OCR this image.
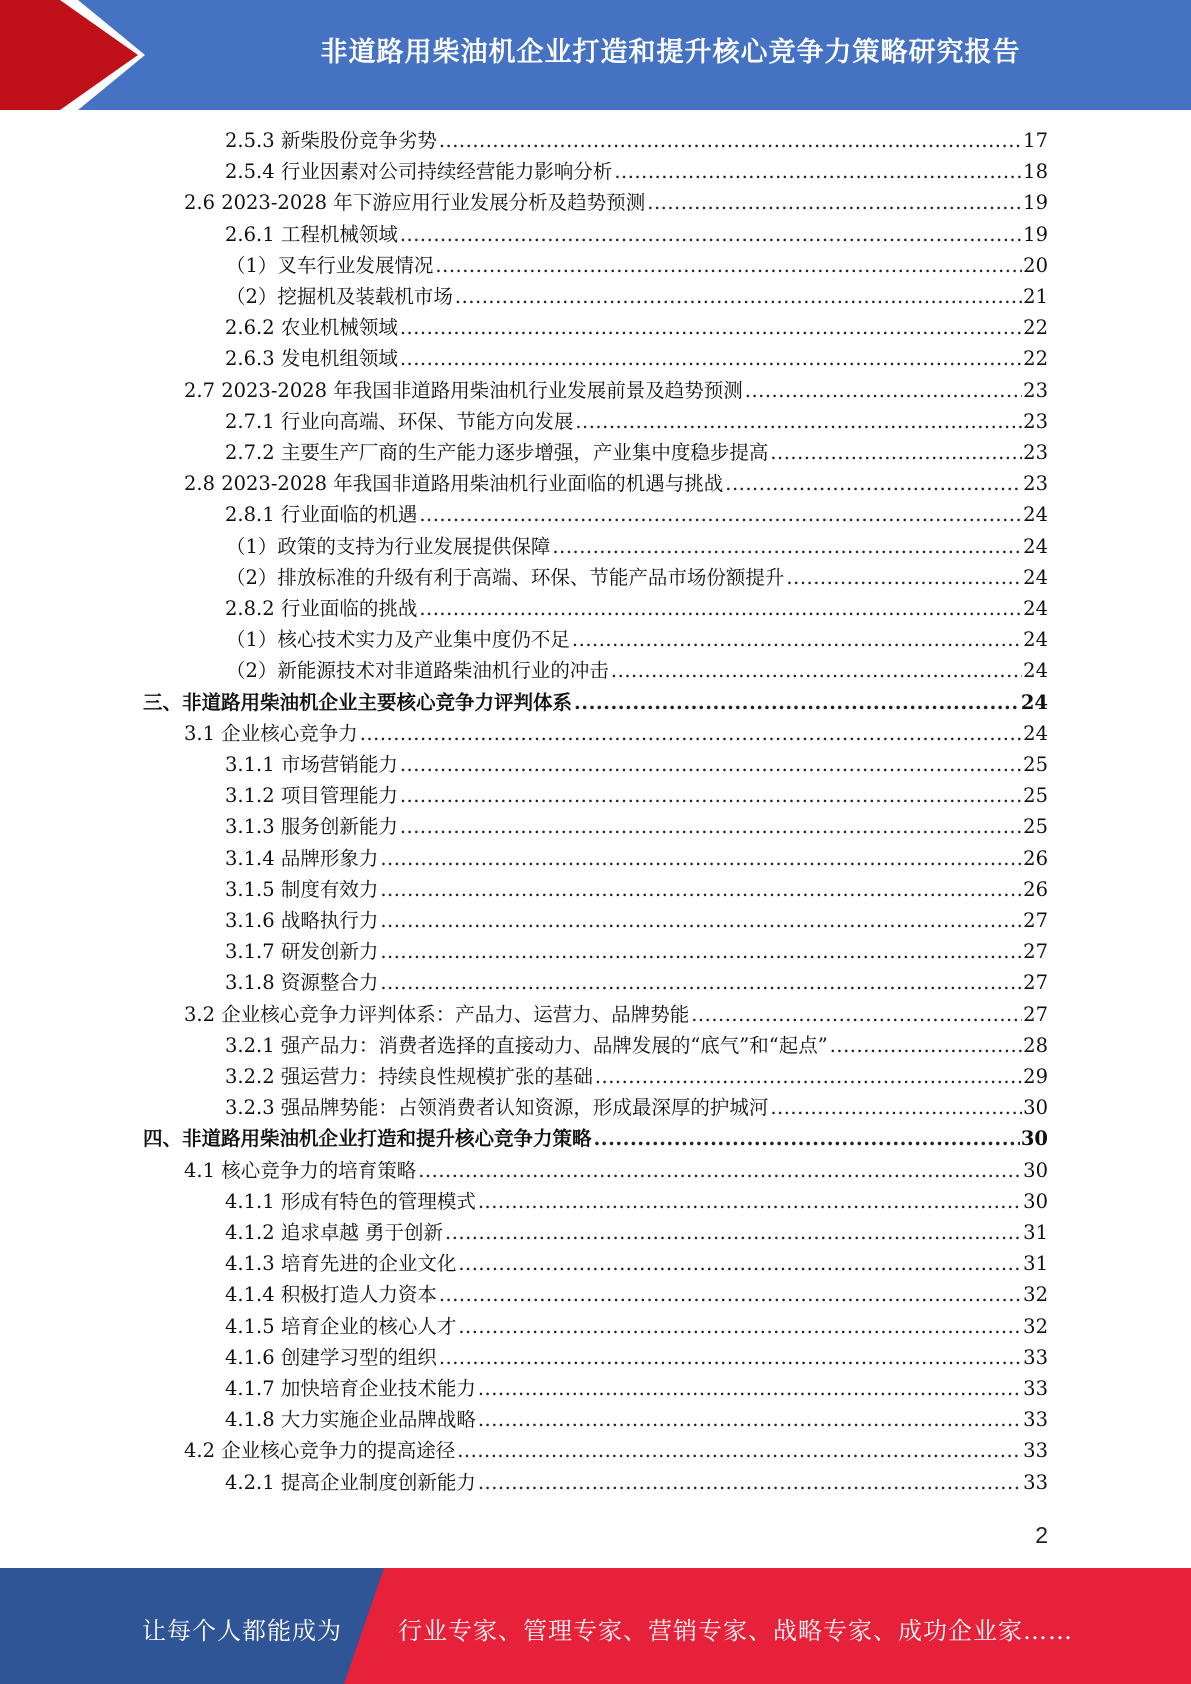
非道路用柴油机企业打造和提升核心竞争力策略研究报告
2.5.3 新柴股份竞争劣势 .....	17
2.5.4 行业因素对公司持续经营能力影响分析 .....	18
2.6 2023-2028 年下游应用行业发展分析及趋势预测 .....	19
2.6.1 工程机械领域 .....	19
（1）叉车行业发展情况 .....	20
（2）挖掘机及装载机市场 .....	21
2.6.2 农业机械领域 .....	22
2.6.3 发电机组领域 .....	22
2.7 2023-2028 年我国非道路用柴油机行业发展前景及趋势预测 .....	23
2.7.1 行业向高端、环保、节能方向发展 .....	23
2.7.2 主要生产厂商的生产能力逐步增强，产业集中度稳步提高 .....	23
2.8 2023-2028 年我国非道路用柴油机行业面临的机遇与挑战 .....	23
2.8.1 行业面临的机遇 .....	24
（1）政策的支持为行业发展提供保障 .....	24
（2）排放标准的升级有利于高端、环保、节能产品市场份额提升 .....	24
2.8.2 行业面临的挑战 .....	24
（1）核心技术实力及产业集中度仍不足 .....	24
（2）新能源技术对非道路柴油机行业的冲击 .....	24
三、非道路用柴油机企业主要核心竞争力评判体系 .....	24
3.1 企业核心竞争力 .....	24
3.1.1 市场营销能力 .....	25
3.1.2 项目管理能力 .....	25
3.1.3 服务创新能力 .....	25
3.1.4 品牌形象力 .....	26
3.1.5 制度有效力 .....	26
3.1.6 战略执行力 .....	27
3.1.7 研发创新力 .....	27
3.1.8 资源整合力 .....	27
3.2 企业核心竞争力评判体系：产品力、运营力、品牌势能 .....	27
3.2.1 强产品力：消费者选择的直接动力、品牌发展的“底气”和“起点” .....	28
3.2.2 强运营力：持续良性规模扩张的基础 .....	29
3.2.3 强品牌势能：占领消费者认知资源，形成最深厚的护城河 .....	30
四、非道路用柴油机企业打造和提升核心竞争力策略 .....	30
4.1 核心竞争力的培育策略 .....	30
4.1.1 形成有特色的管理模式 .....	30
4.1.2 追求卓越 勇于创新 .....	31
4.1.3 培育先进的企业文化 .....	31
4.1.4 积极打造人力资本 .....	32
4.1.5 培育企业的核心人才 .....	32
4.1.6 创建学习型的组织 .....	33
4.1.7 加快培育企业技术能力 .....	33
4.1.8 大力实施企业品牌战略 .....	33
4.2 企业核心竞争力的提高途径 .....	33
4.2.1 提高企业制度创新能力 .....	33
2
让每个人都能成为 行业专家、管理专家、营销专家、战略专家、成功企业家……
